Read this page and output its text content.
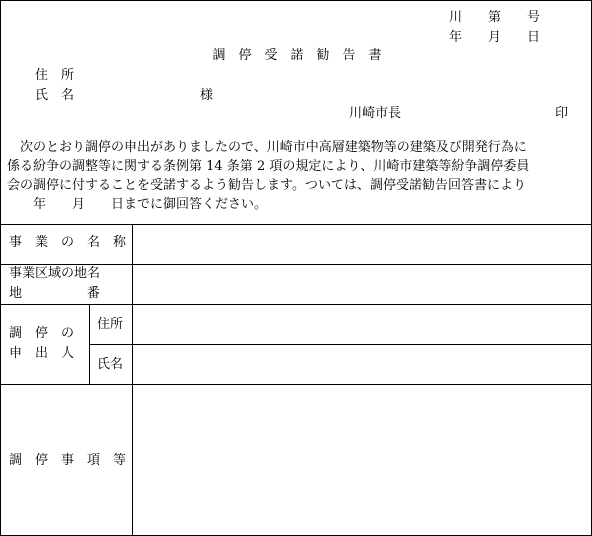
川　　第　　号
年　　月　　日
調　停　受　諾　勧　告　書
住　所
氏　名	様
川崎市長	印
　次のとおり調停の申出がありましたので、川崎市中高層建築物等の建築及び開発行為に
係る紛争の調整等に関する条例第 14 条第 2 項の規定により、川崎市建築等紛争調停委員
会の調停に付することを受諾するよう勧告します。ついては、調停受諾勧告回答書により
　　年　　月　　日までに御回答ください。
事　業　の　名　称
事業区域の地名
地　　　　　番
調　停　の
申　出　人
住所
氏名
調　停　事　項　等
